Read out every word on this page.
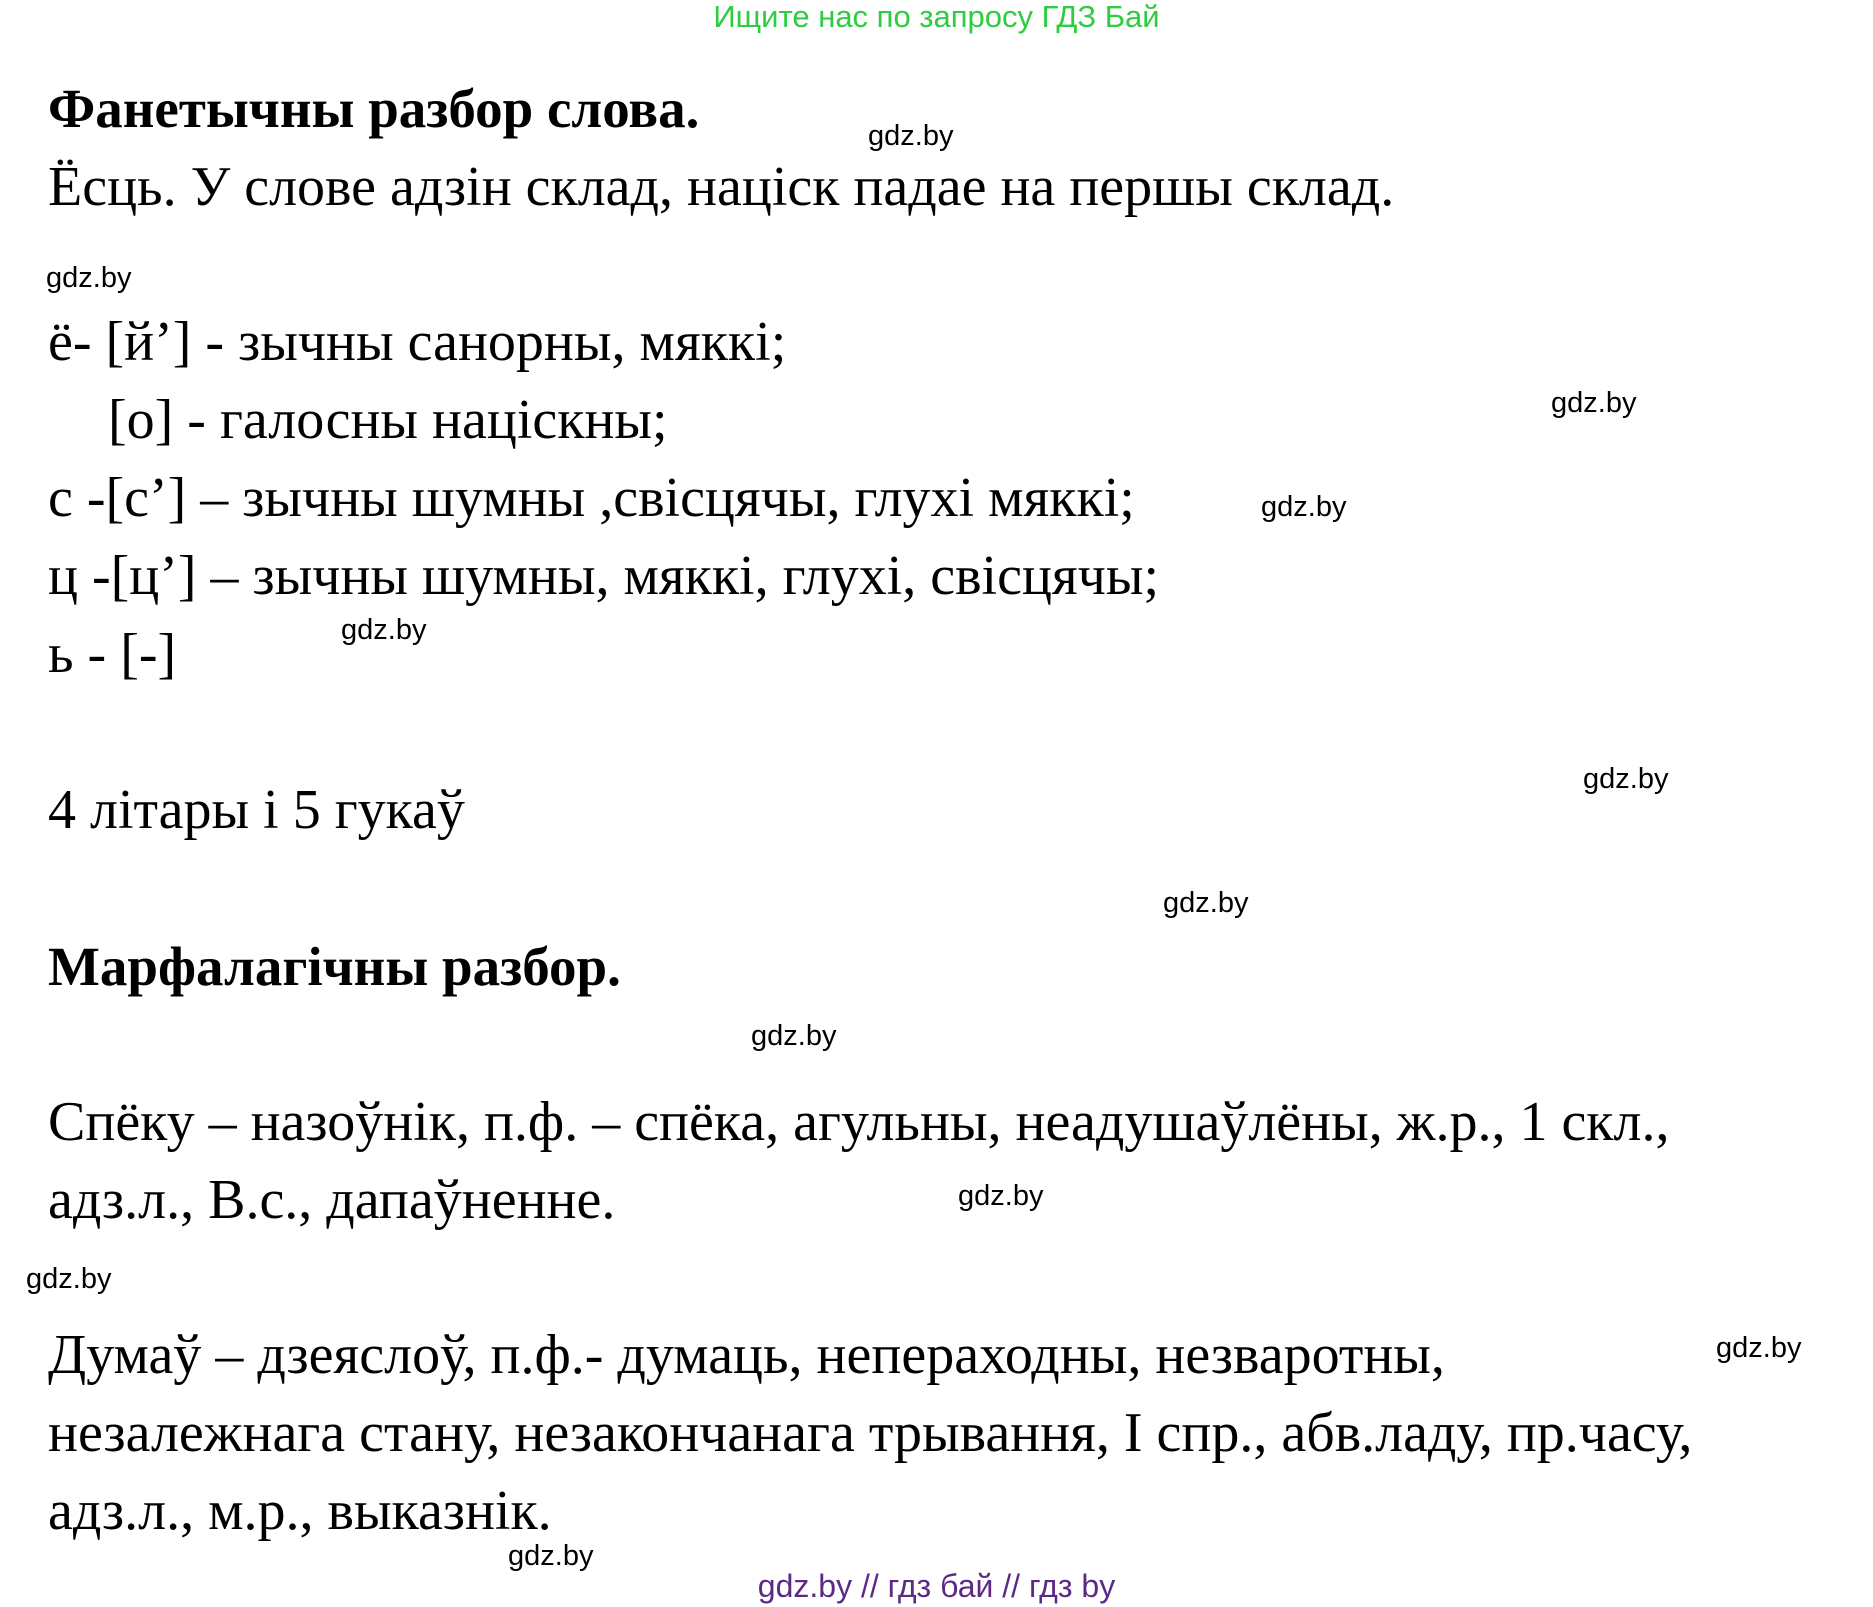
Ищите нас по запросу ГДЗ Бай
Фанетычны разбор слова.
Ёсць. У слове адзін склад, націск падае на першы склад.
ё- [й’] - зычны санорны, мяккі;
[о] - галосны націскны;
с -[с’] – зычны шумны ,свісцячы, глухі мяккі;
ц -[ц’] – зычны шумны, мяккі, глухі, свісцячы;
ь - [-]
4 літары і 5 гукаў
Марфалагічны разбор.
Спёку – назоўнік, п.ф. – спёка, агульны, неадушаўлёны, ж.р., 1 скл.,
адз.л., В.с., дапаўненне.
Думаў – дзеяслоў, п.ф.- думаць, непераходны, незваротны,
незалежнага стану, незакончанага трывання, I спр., абв.ладу, пр.часу,
адз.л., м.р., выказнік.
gdz.by
gdz.by
gdz.by
gdz.by
gdz.by
gdz.by
gdz.by
gdz.by
gdz.by
gdz.by
gdz.by
gdz.by
gdz.by // гдз бай // гдз by
